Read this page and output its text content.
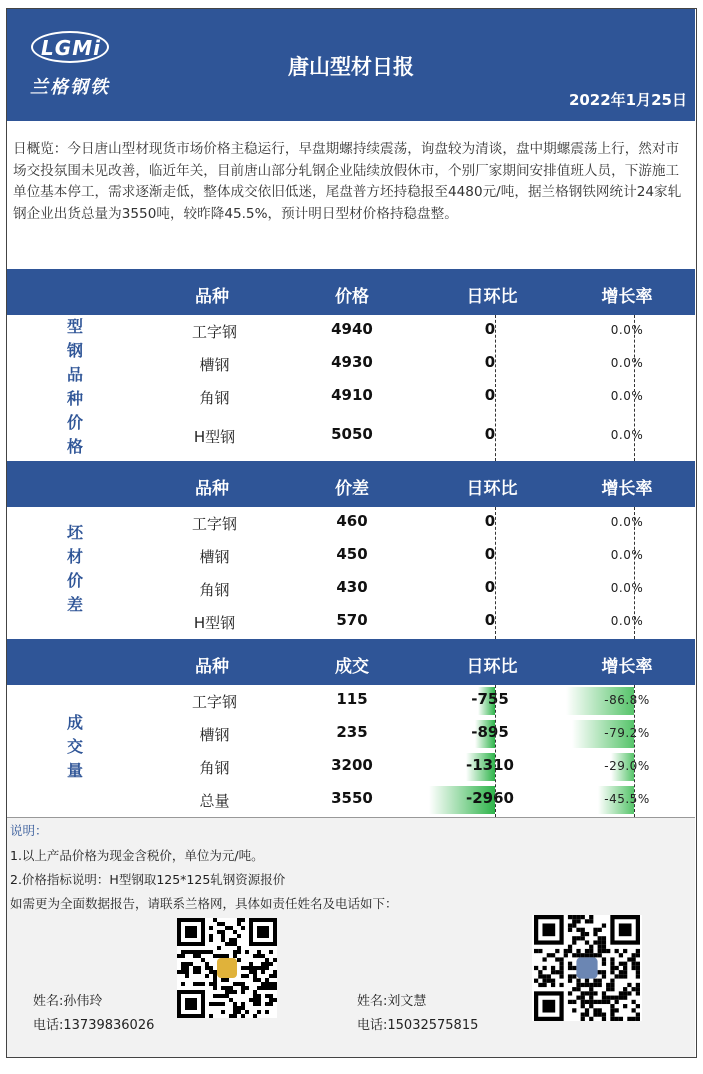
LGMi
兰格钢铁
唐山型材日报
2022年1月25日
日概览：今日唐山型材现货市场价格主稳运行，早盘期螺持续震荡，询盘较为清谈，盘中期螺震荡上行，然对市场交投氛围未见改善，临近年关，目前唐山部分轧钢企业陆续放假休市，个别厂家期间安排值班人员，下游施工单位基本停工，需求逐渐走低，整体成交依旧低迷，尾盘普方坯持稳报至4480元/吨，据兰格钢铁网统计24家轧钢企业出货总量为3550吨，较昨降45.5%，预计明日型材价格持稳盘整。
品种	价格	日环比	增长率
型钢品种价格
工字钢	4940	0	0.0%
槽钢	4930	0	0.0%
角钢	4910	0	0.0%
H型钢	5050	0	0.0%
品种	价差	日环比	增长率
坯材价差
工字钢	460	0	0.0%
槽钢	450	0	0.0%
角钢	430	0	0.0%
H型钢	570	0	0.0%
品种	成交	日环比	增长率
成交量
工字钢	115	-755	-86.8%
槽钢	235	-895	-79.2%
角钢	3200	-1310	-29.0%
总量	3550	-2960	-45.5%

说明：

1.以上产品价格为现金含税价，单位为元/吨。

2.价格指标说明：H型钢取125*125轧钢资源报价

如需更为全面数据报告，请联系兰格网，具体如责任姓名及电话如下：

姓名:孙伟玲
电话:13739836026
姓名:刘文慧
电话:15032575815
